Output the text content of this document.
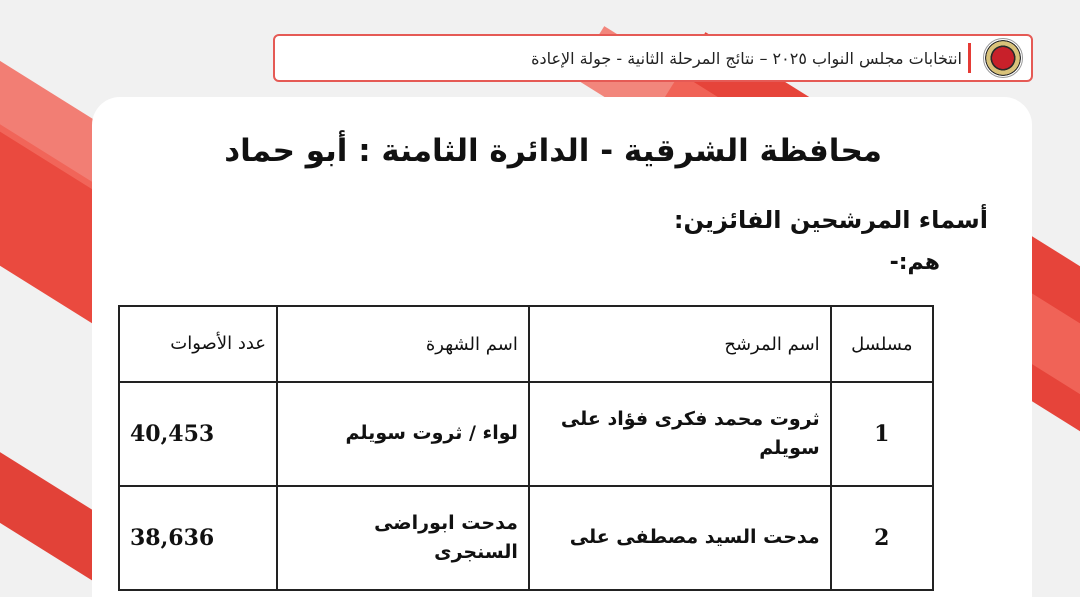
انتخابات مجلس النواب ٢٠٢٥ – نتائج المرحلة الثانية - جولة الإعادة
محافظة الشرقية - الدائرة الثامنة : أبو حماد
أسماء المرشحين الفائزين:
هم:-
مسلسل	اسم المرشح	اسم الشهرة	عدد الأصوات
1	ثروت محمد فكرى فؤاد على سويلم	لواء / ثروت سويلم	40,453
2	مدحت السيد مصطفى على	مدحت ابوراضى السنجرى	38,636
